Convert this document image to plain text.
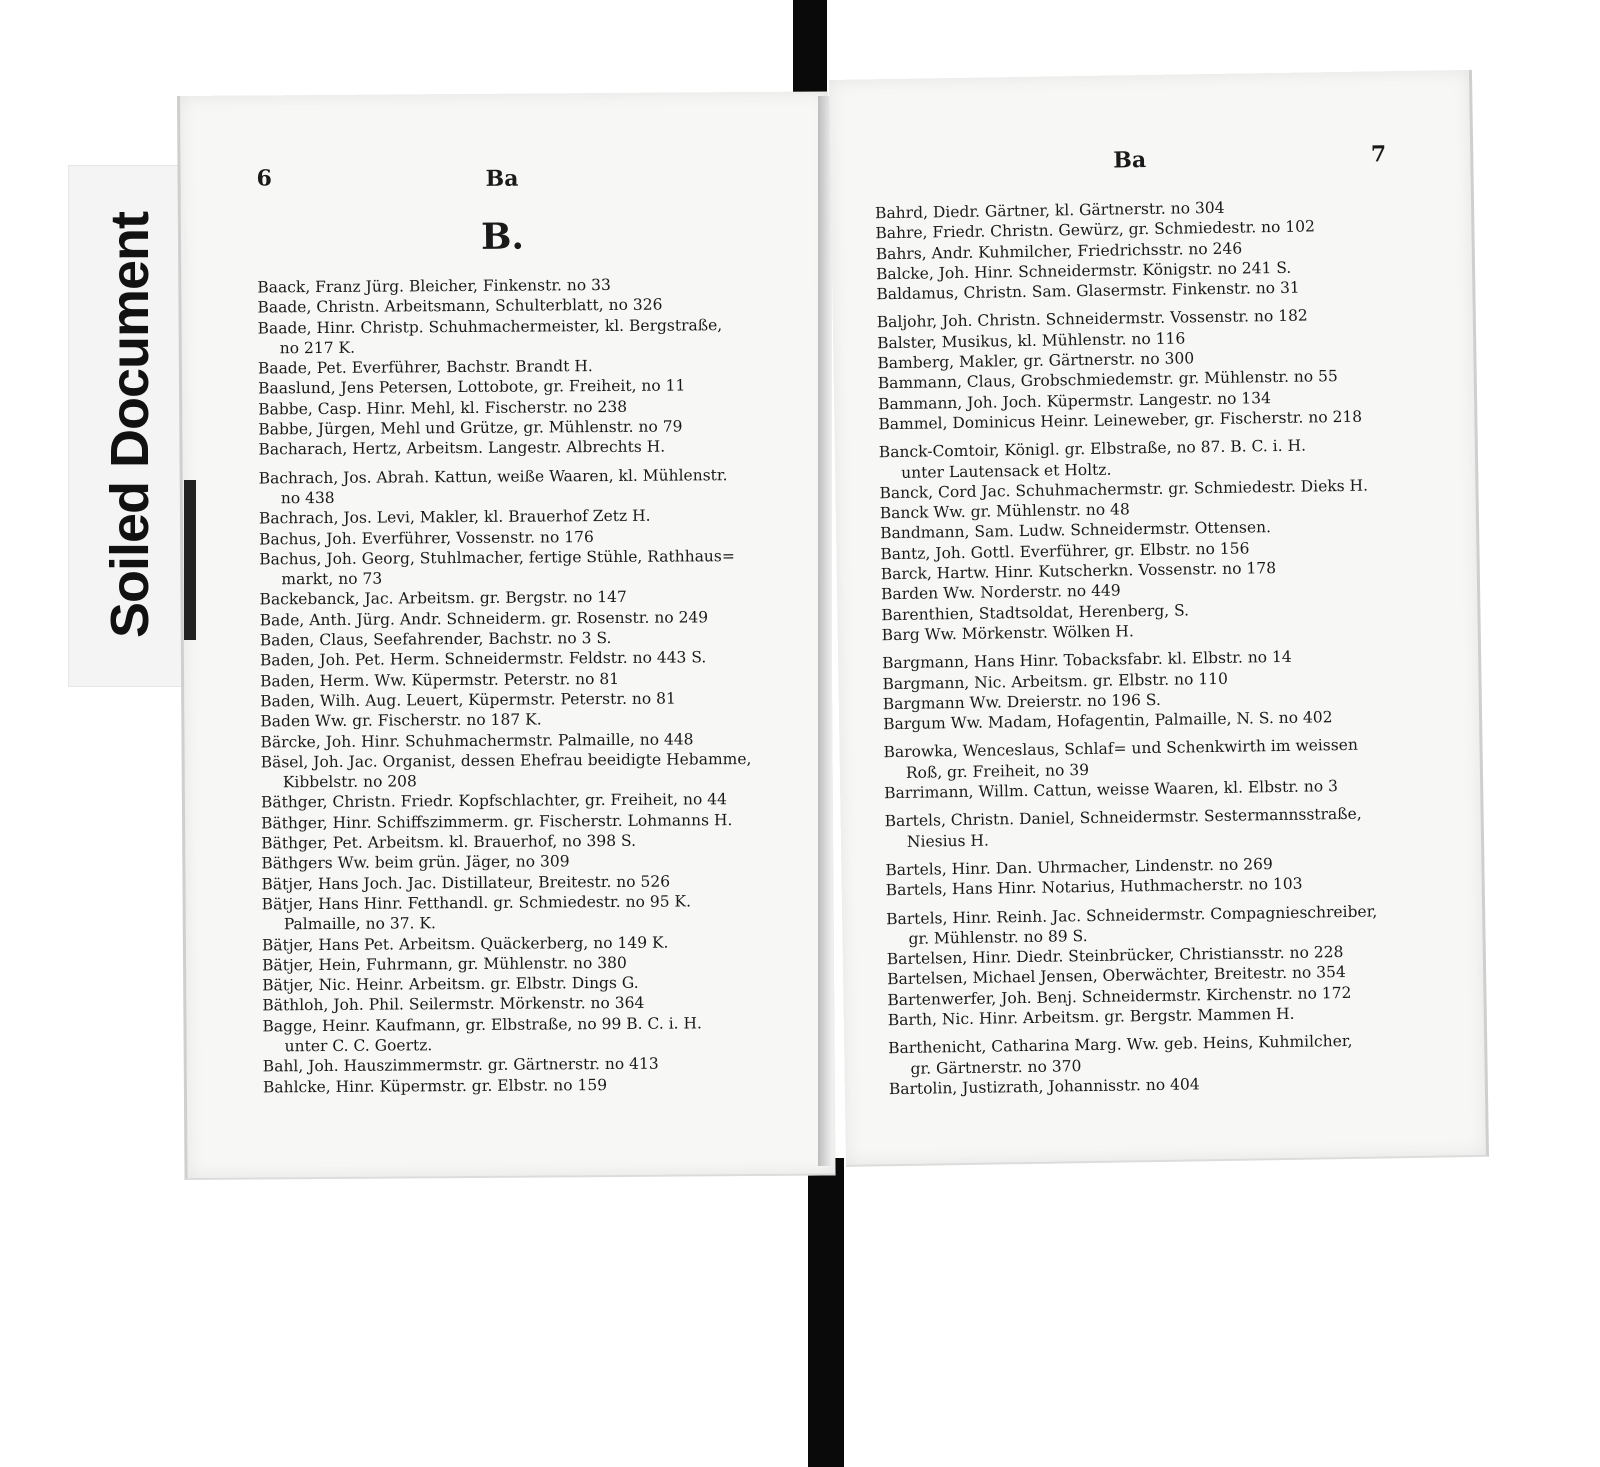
Soiled Document
6	Ba
B.
Baack, Franz Jürg. Bleicher, Finkenstr. no 33
Baade, Christn. Arbeitsmann, Schulterblatt, no 326
Baade, Hinr. Christp. Schuhmachermeister, kl. Bergstraße,
no 217 K.
Baade, Pet. Everführer, Bachstr. Brandt H.
Baaslund, Jens Petersen, Lottobote, gr. Freiheit, no 11
Babbe, Casp. Hinr. Mehl, kl. Fischerstr. no 238
Babbe, Jürgen, Mehl und Grütze, gr. Mühlenstr. no 79
Bacharach, Hertz, Arbeitsm. Langestr. Albrechts H.
Bachrach, Jos. Abrah. Kattun, weiße Waaren, kl. Mühlenstr.
no 438
Bachrach, Jos. Levi, Makler, kl. Brauerhof Zetz H.
Bachus, Joh. Everführer, Vossenstr. no 176
Bachus, Joh. Georg, Stuhlmacher, fertige Stühle, Rathhaus=
markt, no 73
Backebanck, Jac. Arbeitsm. gr. Bergstr. no 147
Bade, Anth. Jürg. Andr. Schneiderm. gr. Rosenstr. no 249
Baden, Claus, Seefahrender, Bachstr. no 3 S.
Baden, Joh. Pet. Herm. Schneidermstr. Feldstr. no 443 S.
Baden, Herm. Ww. Küpermstr. Peterstr. no 81
Baden, Wilh. Aug. Leuert, Küpermstr. Peterstr. no 81
Baden Ww. gr. Fischerstr. no 187 K.
Bärcke, Joh. Hinr. Schuhmachermstr. Palmaille, no 448
Bäsel, Joh. Jac. Organist, dessen Ehefrau beeidigte Hebamme,
Kibbelstr. no 208
Bäthger, Christn. Friedr. Kopfschlachter, gr. Freiheit, no 44
Bäthger, Hinr. Schiffszimmerm. gr. Fischerstr. Lohmanns H.
Bäthger, Pet. Arbeitsm. kl. Brauerhof, no 398 S.
Bäthgers Ww. beim grün. Jäger, no 309
Bätjer, Hans Joch. Jac. Distillateur, Breitestr. no 526
Bätjer, Hans Hinr. Fetthandl. gr. Schmiedestr. no 95 K.
Palmaille, no 37. K.
Bätjer, Hans Pet. Arbeitsm. Quäckerberg, no 149 K.
Bätjer, Hein, Fuhrmann, gr. Mühlenstr. no 380
Bätjer, Nic. Heinr. Arbeitsm. gr. Elbstr. Dings G.
Bäthloh, Joh. Phil. Seilermstr. Mörkenstr. no 364
Bagge, Heinr. Kaufmann, gr. Elbstraße, no 99 B. C. i. H.
unter C. C. Goertz.
Bahl, Joh. Hauszimmermstr. gr. Gärtnerstr. no 413
Bahlcke, Hinr. Küpermstr. gr. Elbstr. no 159
Ba	7
Bahrd, Diedr. Gärtner, kl. Gärtnerstr. no 304
Bahre, Friedr. Christn. Gewürz, gr. Schmiedestr. no 102
Bahrs, Andr. Kuhmilcher, Friedrichsstr. no 246
Balcke, Joh. Hinr. Schneidermstr. Königstr. no 241 S.
Baldamus, Christn. Sam. Glasermstr. Finkenstr. no 31
Baljohr, Joh. Christn. Schneidermstr. Vossenstr. no 182
Balster, Musikus, kl. Mühlenstr. no 116
Bamberg, Makler, gr. Gärtnerstr. no 300
Bammann, Claus, Grobschmiedemstr. gr. Mühlenstr. no 55
Bammann, Joh. Joch. Küpermstr. Langestr. no 134
Bammel, Dominicus Heinr. Leineweber, gr. Fischerstr. no 218
Banck-Comtoir, Königl. gr. Elbstraße, no 87. B. C. i. H.
unter Lautensack et Holtz.
Banck, Cord Jac. Schuhmachermstr. gr. Schmiedestr. Dieks H.
Banck Ww. gr. Mühlenstr. no 48
Bandmann, Sam. Ludw. Schneidermstr. Ottensen.
Bantz, Joh. Gottl. Everführer, gr. Elbstr. no 156
Barck, Hartw. Hinr. Kutscherkn. Vossenstr. no 178
Barden Ww. Norderstr. no 449
Barenthien, Stadtsoldat, Herenberg, S.
Barg Ww. Mörkenstr. Wölken H.
Bargmann, Hans Hinr. Tobacksfabr. kl. Elbstr. no 14
Bargmann, Nic. Arbeitsm. gr. Elbstr. no 110
Bargmann Ww. Dreierstr. no 196 S.
Bargum Ww. Madam, Hofagentin, Palmaille, N. S. no 402
Barowka, Wenceslaus, Schlaf= und Schenkwirth im weissen
Roß, gr. Freiheit, no 39
Barrimann, Willm. Cattun, weisse Waaren, kl. Elbstr. no 3
Bartels, Christn. Daniel, Schneidermstr. Sestermannsstraße,
Niesius H.
Bartels, Hinr. Dan. Uhrmacher, Lindenstr. no 269
Bartels, Hans Hinr. Notarius, Huthmacherstr. no 103
Bartels, Hinr. Reinh. Jac. Schneidermstr. Compagnieschreiber,
gr. Mühlenstr. no 89 S.
Bartelsen, Hinr. Diedr. Steinbrücker, Christiansstr. no 228
Bartelsen, Michael Jensen, Oberwächter, Breitestr. no 354
Bartenwerfer, Joh. Benj. Schneidermstr. Kirchenstr. no 172
Barth, Nic. Hinr. Arbeitsm. gr. Bergstr. Mammen H.
Barthenicht, Catharina Marg. Ww. geb. Heins, Kuhmilcher,
gr. Gärtnerstr. no 370
Bartolin, Justizrath, Johannisstr. no 404
